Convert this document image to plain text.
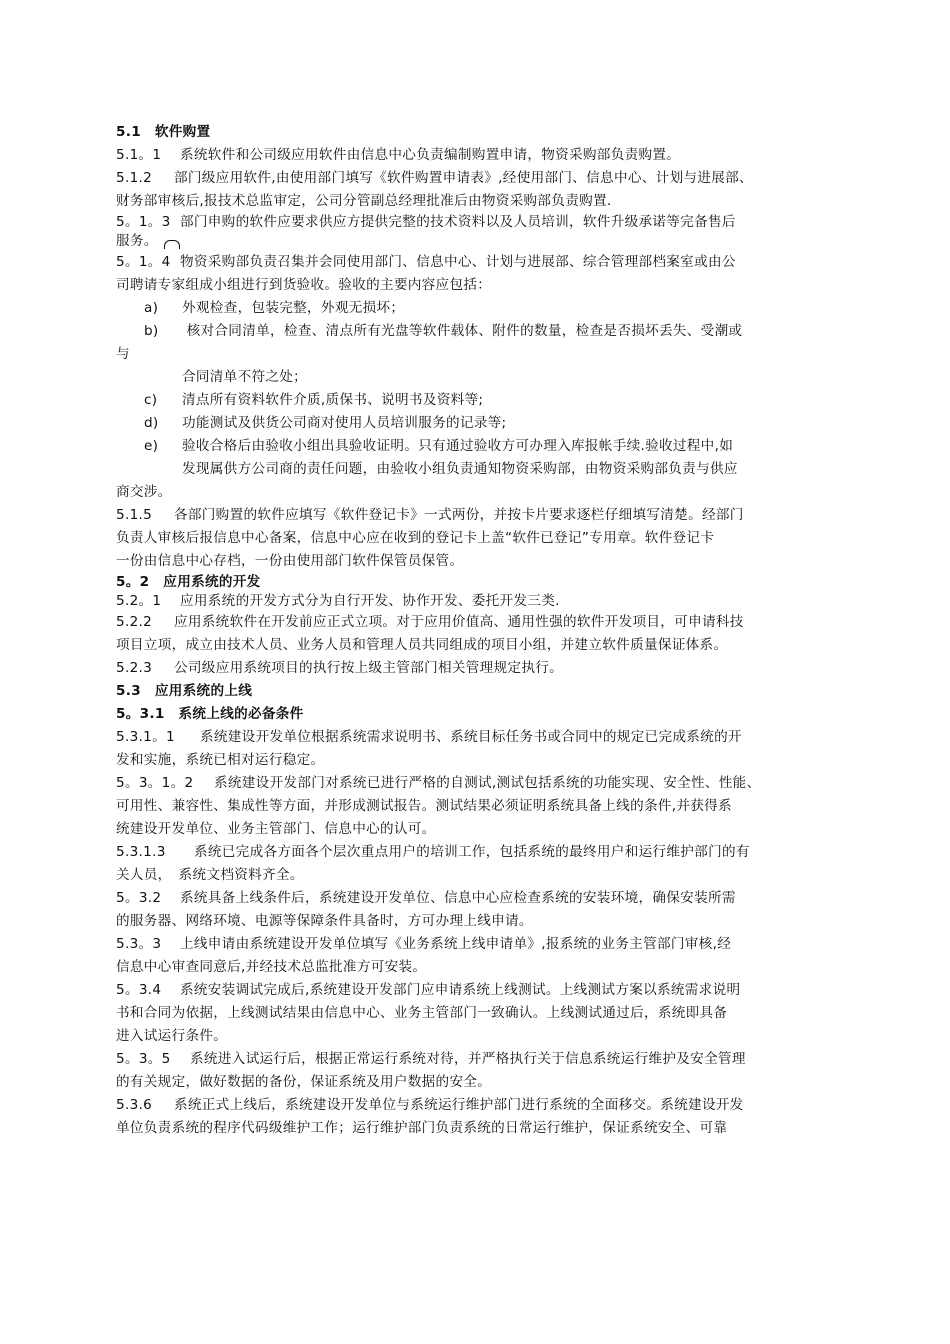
5.1　软件购置
5.1。1 系统软件和公司级应用软件由信息中心负责编制购置申请，物资采购部负责购置。
5.1.2 部门级应用软件,由使用部门填写《软件购置申请表》,经使用部门、信息中心、计划与进展部、
财务部审核后,报技术总监审定，公司分管副总经理批准后由物资采购部负责购置.
5。1。3 部门申购的软件应要求供应方提供完整的技术资料以及人员培训，软件升级承诺等完备售后
服务。
5。1。4 物资采购部负责召集并会同使用部门、信息中心、计划与进展部、综合管理部档案室或由公
司聘请专家组成小组进行到货验收。验收的主要内容应包括：
a) 外观检查，包装完整，外观无损坏；
b) 核对合同清单，检查、清点所有光盘等软件载体、附件的数量，检查是否损坏丢失、受潮或
与
合同清单不符之处；
c) 清点所有资料软件介质,质保书、说明书及资料等;
d) 功能测试及供货公司商对使用人员培训服务的记录等;
e) 验收合格后由验收小组出具验收证明。只有通过验收方可办理入库报帐手续.验收过程中,如
发现属供方公司商的责任问题，由验收小组负责通知物资采购部，由物资采购部负责与供应
商交涉。
5.1.5 各部门购置的软件应填写《软件登记卡》一式两份，并按卡片要求逐栏仔细填写清楚。经部门
负责人审核后报信息中心备案，信息中心应在收到的登记卡上盖“软件已登记”专用章。软件登记卡
一份由信息中心存档，一份由使用部门软件保管员保管。
5。2　应用系统的开发
5.2。1 应用系统的开发方式分为自行开发、协作开发、委托开发三类.
5.2.2 应用系统软件在开发前应正式立项。对于应用价值高、通用性强的软件开发项目，可申请科技
项目立项，成立由技术人员、业务人员和管理人员共同组成的项目小组，并建立软件质量保证体系。
5.2.3 公司级应用系统项目的执行按上级主管部门相关管理规定执行。
5.3　应用系统的上线
5。3.1　系统上线的必备条件
5.3.1。1 系统建设开发单位根据系统需求说明书、系统目标任务书或合同中的规定已完成系统的开
发和实施，系统已相对运行稳定。
5。3。1。2 系统建设开发部门对系统已进行严格的自测试,测试包括系统的功能实现、安全性、性能、
可用性、兼容性、集成性等方面，并形成测试报告。测试结果必须证明系统具备上线的条件,并获得系
统建设开发单位、业务主管部门、信息中心的认可。
5.3.1.3 系统已完成各方面各个层次重点用户的培训工作，包括系统的最终用户和运行维护部门的有
关人员，　系统文档资料齐全。
5。3.2 系统具备上线条件后，系统建设开发单位、信息中心应检查系统的安装环境，确保安装所需
的服务器、网络环境、电源等保障条件具备时，方可办理上线申请。
5.3。3 上线申请由系统建设开发单位填写《业务系统上线申请单》,报系统的业务主管部门审核,经
信息中心审查同意后,并经技术总监批准方可安装。
5。3.4 系统安装调试完成后,系统建设开发部门应申请系统上线测试。上线测试方案以系统需求说明
书和合同为依据，上线测试结果由信息中心、业务主管部门一致确认。上线测试通过后，系统即具备
进入试运行条件。
5。3。5 系统进入试运行后，根据正常运行系统对待，并严格执行关于信息系统运行维护及安全管理
的有关规定，做好数据的备份，保证系统及用户数据的安全。
5.3.6 系统正式上线后，系统建设开发单位与系统运行维护部门进行系统的全面移交。系统建设开发
单位负责系统的程序代码级维护工作；运行维护部门负责系统的日常运行维护，保证系统安全、可靠
